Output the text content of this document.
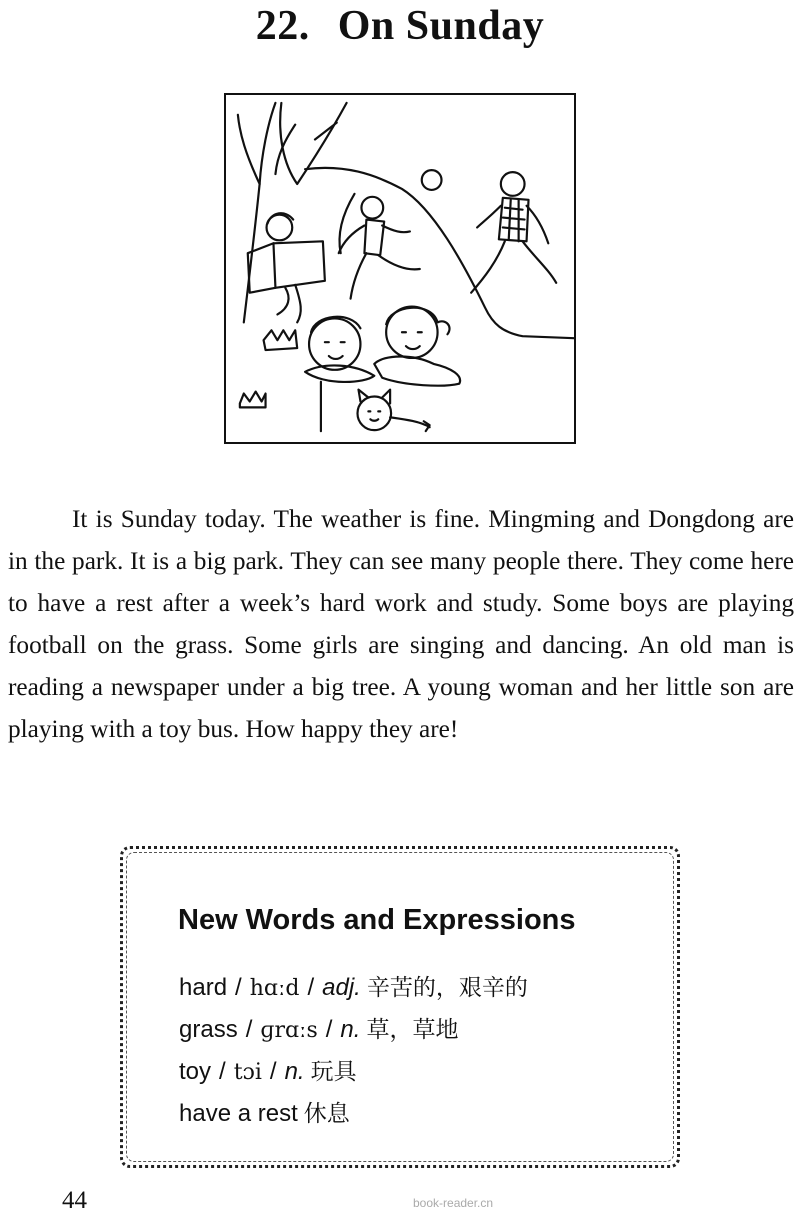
22. On Sunday

It is Sunday today. The weather is fine. Mingming and Dongdong are in the park. It is a big park. They can see many people there. They come here to have a rest after a week’s hard work and study. Some boys are playing football on the grass. Some girls are singing and dancing. An old man is reading a newspaper under a big tree. A young woman and her little son are playing with a toy bus. How happy they are!

New Words and Expressions
hard / hɑːd / adj. 辛苦的，艰辛的
grass / ɡrɑːs / n. 草，草地
toy / tɔi / n. 玩具
have a rest 休息
44	book-reader.cn
